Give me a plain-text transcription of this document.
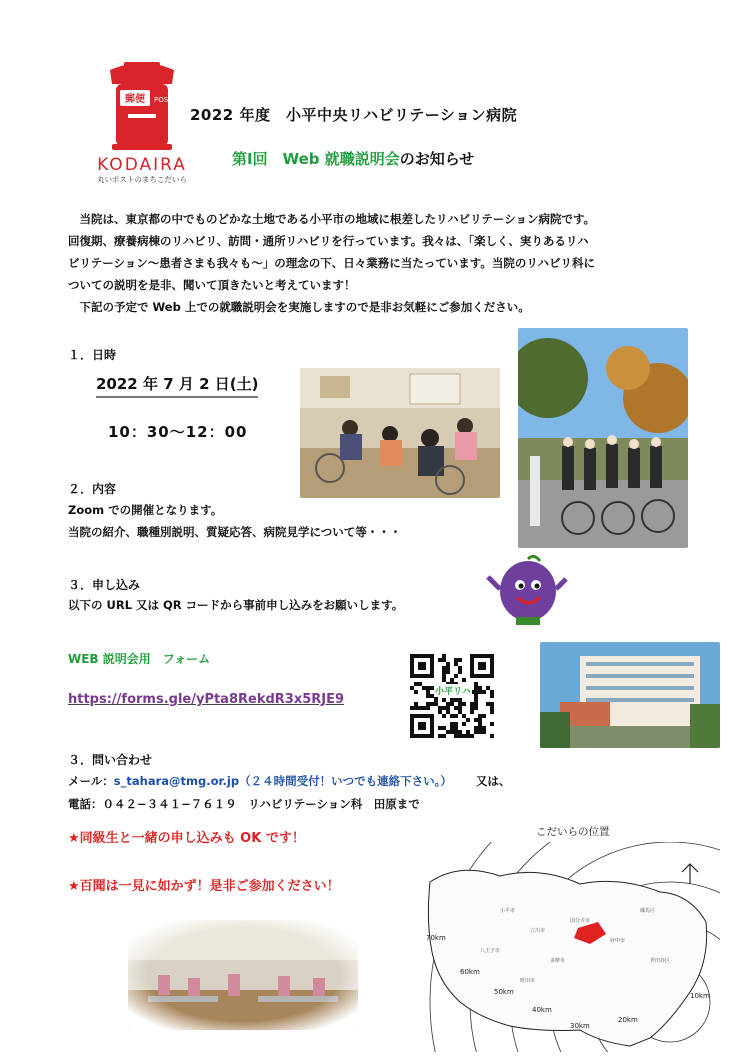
郵便 POST
KODAIRA
丸いポストのまちこだいら
2022 年度　小平中央リハビリテーション病院
第Ⅰ回　Web 就職説明会のお知らせ

　当院は、東京都の中でものどかな土地である小平市の地域に根差したリハビリテーション病院です。

回復期、療養病棟のリハビリ、訪問・通所リハビリを行っています。我々は、「楽しく、実りあるリハ

ビリテーション〜患者さまも我々も〜」の理念の下、日々業務に当たっています。当院のリハビリ科に

ついての説明を是非、聞いて頂きたいと考えています！

　下記の予定で Web 上での就職説明会を実施しますので是非お気軽にご参加ください。

１．日時
2022 年 7 月 2 日(土)
10：30〜12：00
２．内容
Zoom での開催となります。
当院の紹介、職種別説明、質疑応答、病院見学について等・・・
３．申し込み
以下の URL 又は QR コードから事前申し込みをお願いします。
WEB 説明会用　フォーム
https://forms.gle/yPta8RekdR3x5RJE9	小平リハ
３．問い合わせ
メール：s_tahara@tmg.or.jp（２４時間受付！いつでも連絡下さい。） 又は、
電話：０４２−３４１−７６１９　リハビリテーション科　田原まで
★同級生と一緒の申し込みも OK です！
★百聞は一見に如かず！是非ご参加ください！
こだいらの位置
小平市
立川市
国分寺市
府中市
八王子市
練馬区
多摩市
町田市
世田谷区
70km
60km
50km
40km
30km
20km
10km
